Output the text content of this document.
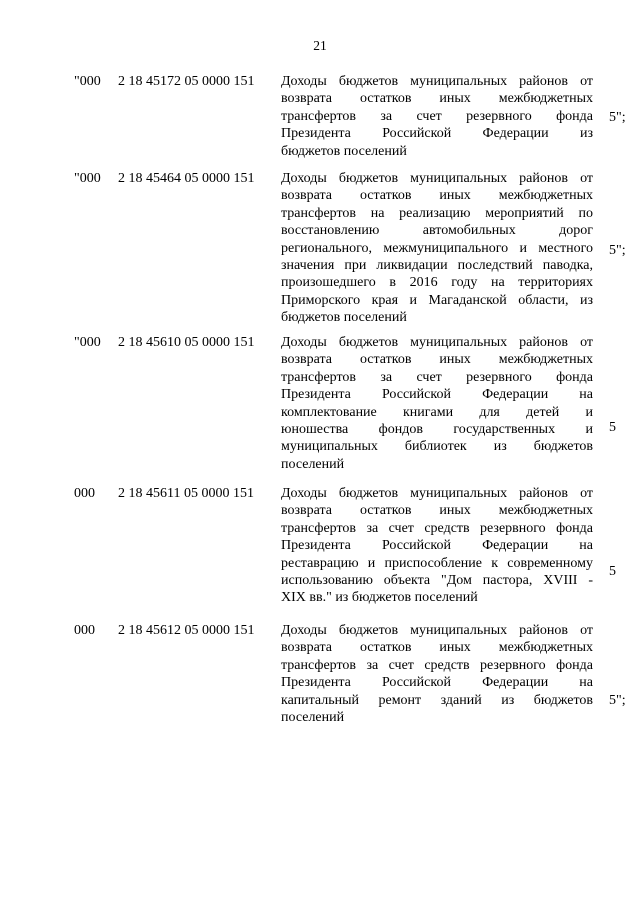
21
"000 2 18 45172 05 0000 151 Доходы бюджетов муниципальных районов от
возврата остатков иных межбюджетных
трансфертов за счет резервного фонда
Президента Российской Федерации из
бюджетов поселений
5";
"000 2 18 45464 05 0000 151 Доходы бюджетов муниципальных районов от
возврата остатков иных межбюджетных
трансфертов на реализацию мероприятий по
восстановлению автомобильных дорог
регионального, межмуниципального и местного
значения при ликвидации последствий паводка,
произошедшего в 2016 году на территориях
Приморского края и Магаданской области, из
бюджетов поселений
5";
"000 2 18 45610 05 0000 151 Доходы бюджетов муниципальных районов от
возврата остатков иных межбюджетных
трансфертов за счет резервного фонда
Президента Российской Федерации на
комплектование книгами для детей и
юношества фондов государственных и
муниципальных библиотек из бюджетов
поселений
5
000 2 18 45611 05 0000 151 Доходы бюджетов муниципальных районов от
возврата остатков иных межбюджетных
трансфертов за счет средств резервного фонда
Президента Российской Федерации на
реставрацию и приспособление к современному
использованию объекта "Дом пастора, XVIII -
XIX вв." из бюджетов поселений
5
000 2 18 45612 05 0000 151 Доходы бюджетов муниципальных районов от
возврата остатков иных межбюджетных
трансфертов за счет средств резервного фонда
Президента Российской Федерации на
капитальный ремонт зданий из бюджетов
поселений
5";
